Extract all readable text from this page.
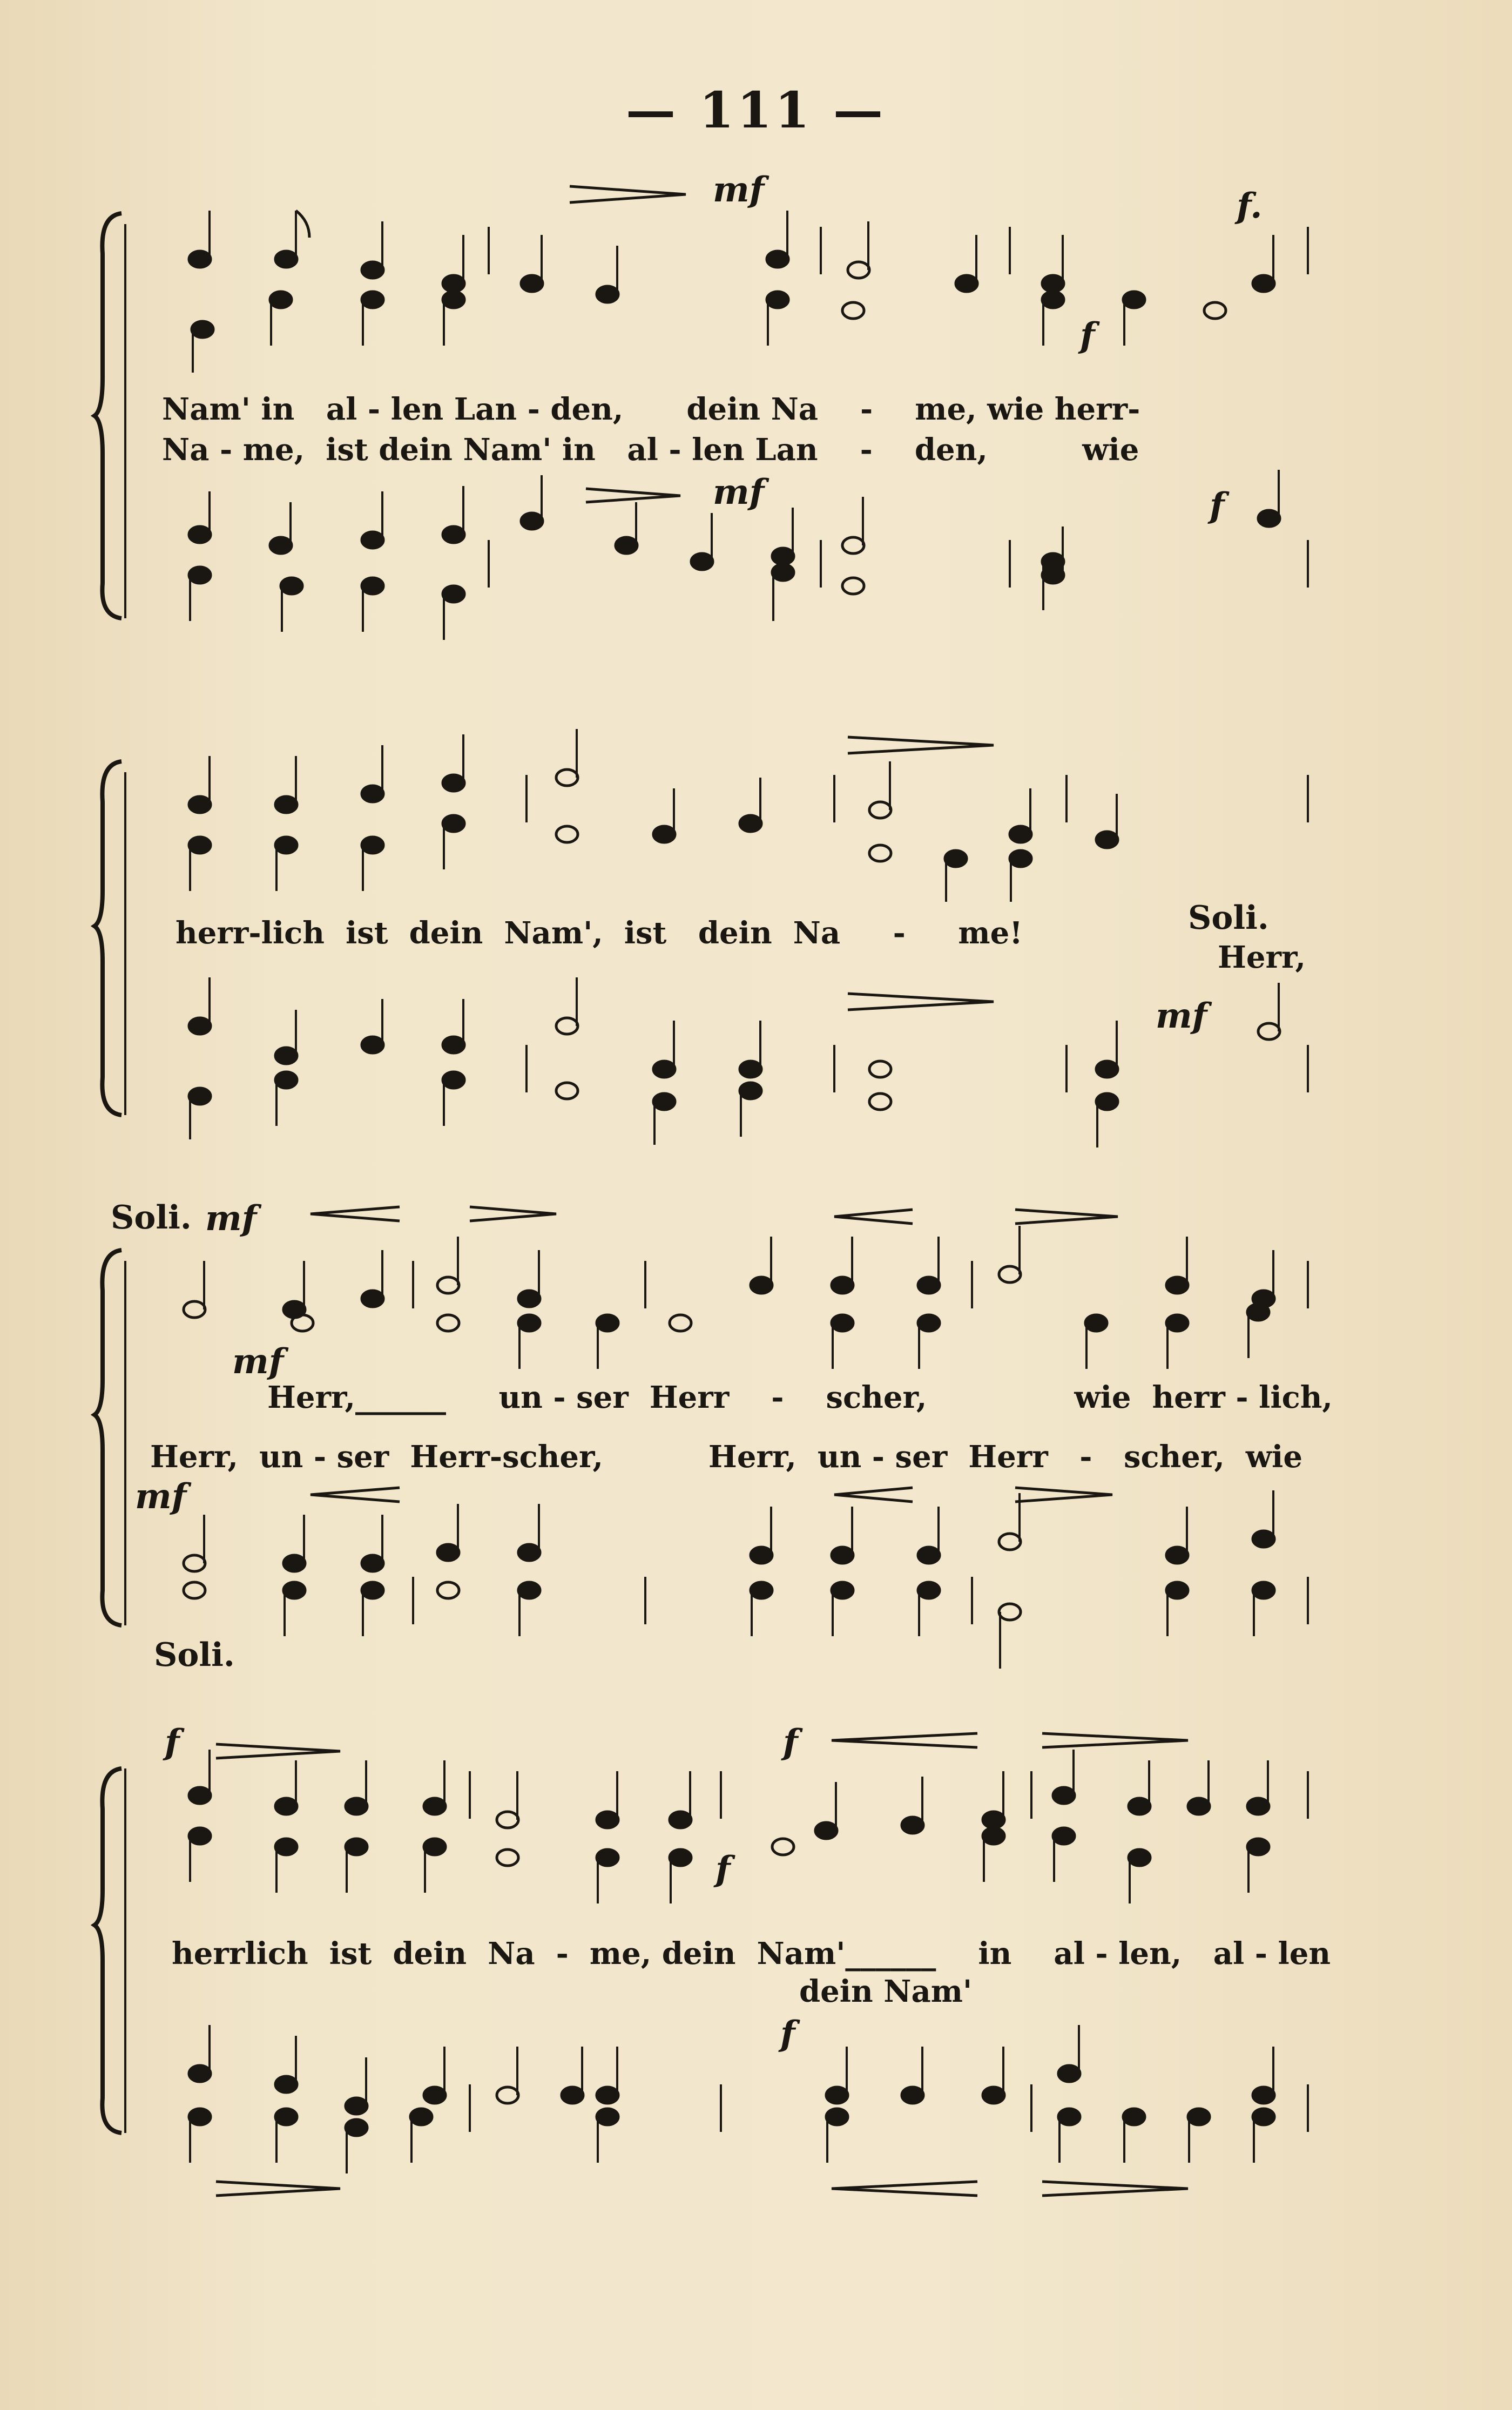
— 111 —
Nam' in   al - len Lan - den,      dein Na    -    me, wie herr-
Na - me,  ist dein Nam' in   al - len Lan    -    den,         wie
mf	f.
f
mf	f
herr-lich  ist  dein  Nam',  ist   dein  Na     -     me!	Soli.
Herr,
mf
Soli. mf
mf
Herr,______     un - ser  Herr    -    scher,              wie  herr - lich,
Herr,  un - ser  Herr-scher,          Herr,  un - ser  Herr   -   scher,  wie
mf
Soli.
f	f
f
herrlich  ist  dein  Na  -  me, dein  Nam'______    in    al - len,   al - len
dein Nam'
f
